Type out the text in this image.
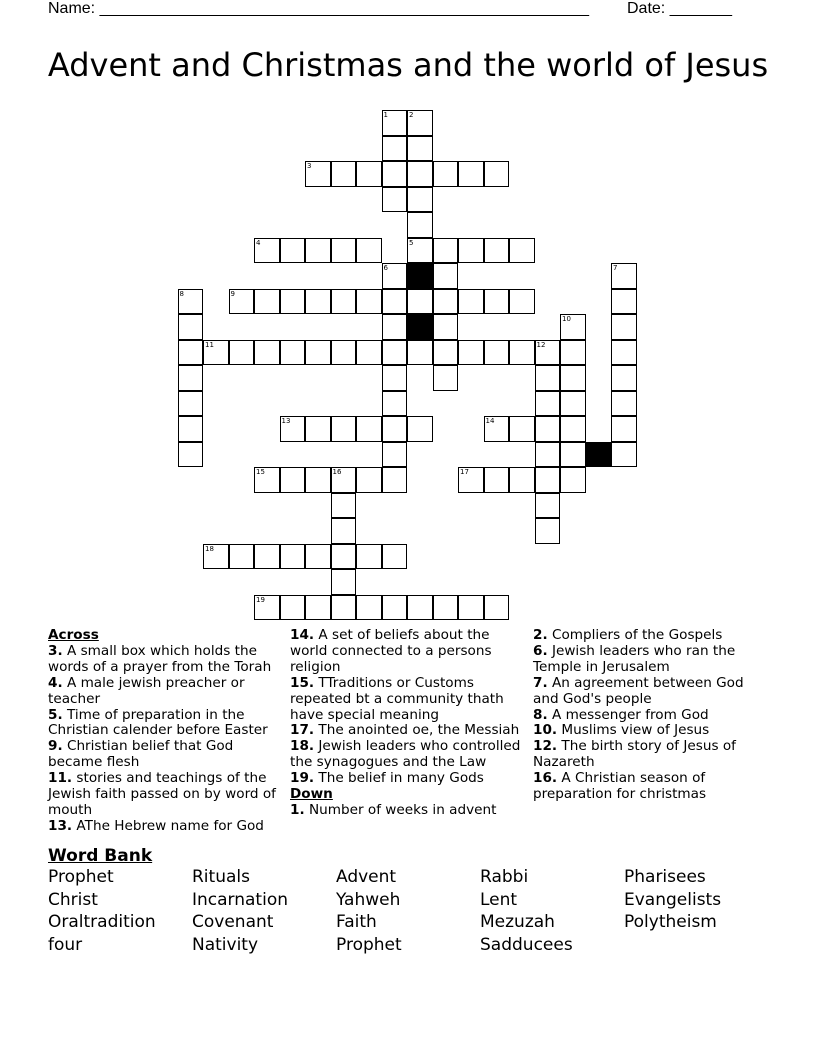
Name: _______________________________________________________ Date: _______
Advent and Christmas and the world of Jesus
1	2
3
4	5
6	7
8	9
10
11	12
13	14
15	16	17
18
19
Across
3. A small box which holds the words of a prayer from the Torah
4. A male jewish preacher or teacher
5. Time of preparation in the Christian calender before Easter
9. Christian belief that God became flesh
11. stories and teachings of the Jewish faith passed on by word of mouth
13. AThe Hebrew name for God
14. A set of beliefs about the world connected to a persons religion
15. TTraditions or Customs repeated bt a community thath have special meaning
17. The anointed oe, the Messiah
18. Jewish leaders who controlled the synagogues and the Law
19. The belief in many Gods
Down
1. Number of weeks in advent
2. Compliers of the Gospels
6. Jewish leaders who ran the Temple in Jerusalem
7. An agreement between God and God's people
8. A messenger from God
10. Muslims view of Jesus
12. The birth story of Jesus of Nazareth
16. A Christian season of preparation for christmas
Word Bank
Prophet
Christ
Oraltradition
four
Rituals
Incarnation
Covenant
Nativity
Advent
Yahweh
Faith
Prophet
Rabbi
Lent
Mezuzah
Sadducees
Pharisees
Evangelists
Polytheism
